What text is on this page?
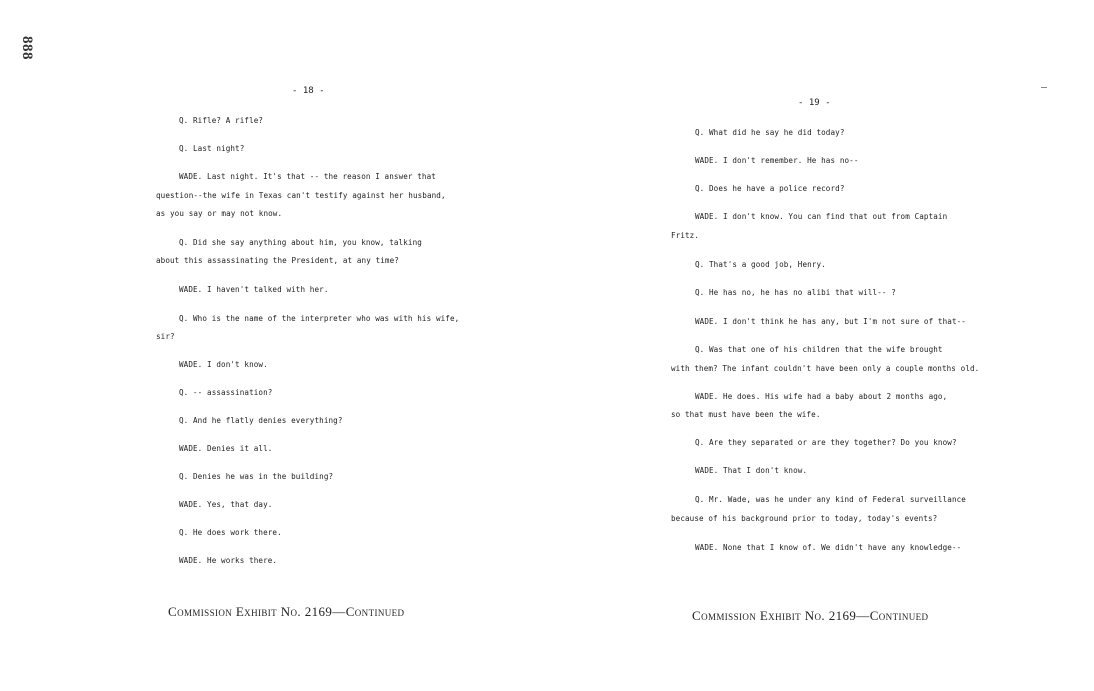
888
- 18 -
Q. Rifle? A rifle?
Q. Last night?
WADE. Last night. It's that -- the reason I answer that
question--the wife in Texas can't testify against her husband,
as you say or may not know.
Q. Did she say anything about him, you know, talking
about this assassinating the President, at any time?
WADE. I haven't talked with her.
Q. Who is the name of the interpreter who was with his wife,
sir?
WADE. I don't know.
Q. -- assassination?
Q. And he flatly denies everything?
WADE. Denies it all.
Q. Denies he was in the building?
WADE. Yes, that day.
Q. He does work there.
WADE. He works there.
Commission Exhibit No. 2169—Continued
- 19 -
Q. What did he say he did today?
WADE. I don't remember. He has no--
Q. Does he have a police record?
WADE. I don't know. You can find that out from Captain
Fritz.
Q. That's a good job, Henry.
Q. He has no, he has no alibi that will-- ?
WADE. I don't think he has any, but I'm not sure of that--
Q. Was that one of his children that the wife brought
with them? The infant couldn't have been only a couple months old.
WADE. He does. His wife had a baby about 2 months ago,
so that must have been the wife.
Q. Are they separated or are they together? Do you know?
WADE. That I don't know.
Q. Mr. Wade, was he under any kind of Federal surveillance
because of his background prior to today, today's events?
WADE. None that I know of. We didn't have any knowledge--
Commission Exhibit No. 2169—Continued
